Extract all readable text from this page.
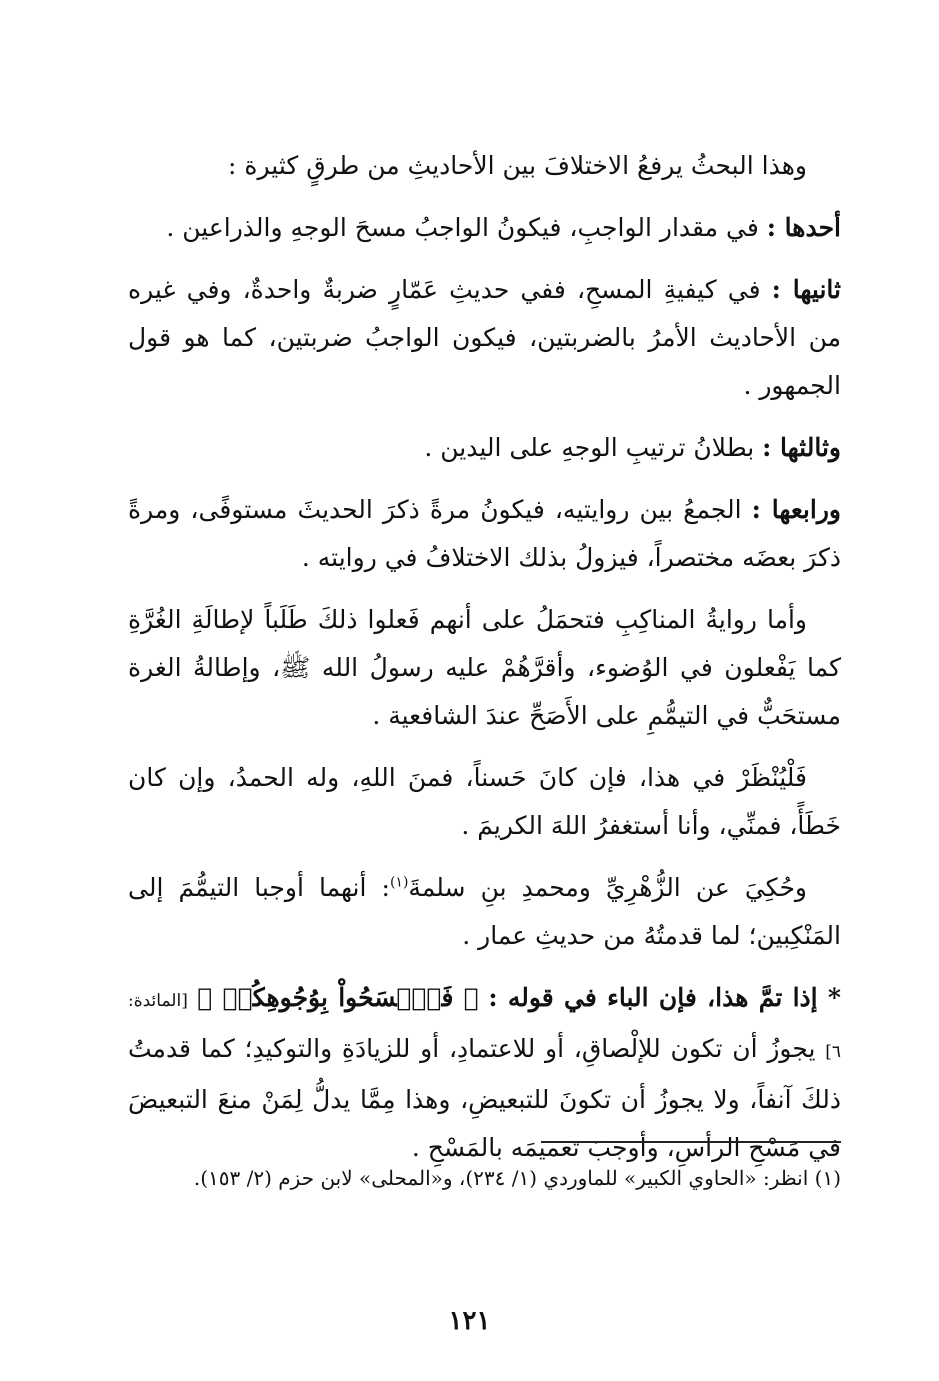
وهذا البحثُ يرفعُ الاختلافَ بين الأحاديثِ من طرقٍ كثيرة :

أحدها : في مقدار الواجبِ، فيكونُ الواجبُ مسحَ الوجهِ والذراعين .

ثانيها : في كيفيةِ المسحِ، ففي حديثِ عَمّارٍ ضربةٌ واحدةٌ، وفي غيره من الأحاديث الأمرُ بالضربتين، فيكون الواجبُ ضربتين، كما هو قول الجمهور .

وثالثها : بطلانُ ترتيبِ الوجهِ على اليدين .

ورابعها : الجمعُ بين روايتيه، فيكونُ مرةً ذكرَ الحديثَ مستوفًى، ومرةً ذكرَ بعضَه مختصراً، فيزولُ بذلك الاختلافُ في روايته .

وأما روايةُ المناكِبِ فتحمَلُ على أنهم فَعلوا ذلكَ طَلَباً لإطالَةِ الغُرَّةِ كما يَفْعلون في الوُضوء، وأقرَّهُمْ عليه رسولُ الله ﷺ، وإطالةُ الغرة مستحَبٌّ في التيمُّمِ على الأَصَحِّ عندَ الشافعية .

فَلْيُنْظَرْ في هذا، فإن كانَ حَسناً، فمنَ اللهِ، وله الحمدُ، وإن كان خَطَأً، فمنِّي، وأنا أستغفرُ اللهَ الكريمَ .

وحُكِيَ عن الزُّهْرِيِّ ومحمدِ بنِ سلمةَ$^{(١)}$: أنهما أوجبا التيمُّمَ إلى المَنْكِبين؛ لما قدمتُهُ من حديثِ عمار .

* إذا تمَّ هذا، فإن الباء في قوله : ﴿ فَٱمۡسَحُواْ بِوُجُوهِكُمۡ ﴾ [المائدة: ٦] يجوزُ أن تكون للإلْصاقِ، أو للاعتمادِ، أو للزيادَةِ والتوكيدِ؛ كما قدمتُ ذلكَ آنفاً، ولا يجوزُ أن تكونَ للتبعيضِ، وهذا مِمَّا يدلُّ لِمَنْ منعَ التبعيضَ في مَسْحِ الرأسِ، وأوجبَ تعميمَه بالمَسْحِ .

(١) انظر: «الحاوي الكبير» للماوردي (١/ ٢٣٤)، و«المحلى» لابن حزم (٢/ ١٥٣).

١٢١
